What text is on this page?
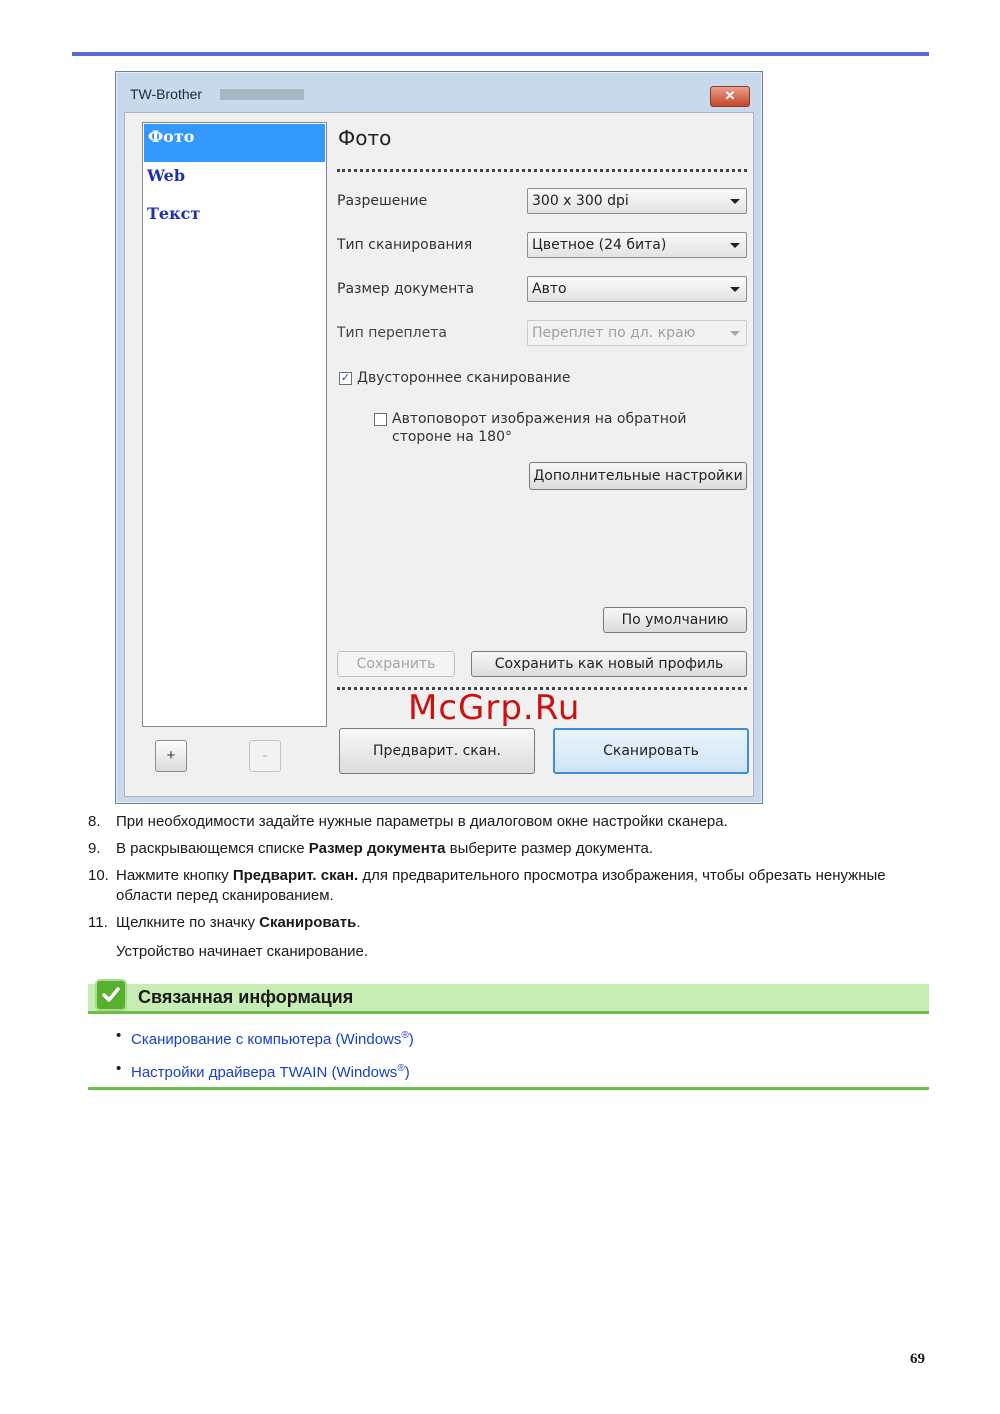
TW-Brother	✕
Фото
Web
Текст
+	-
Фото
Разрешение	300 x 300 dpi
Тип сканирования	Цветное (24 бита)
Размер документа	Авто
Тип переплета	Переплет по дл. краю
✓ Двустороннее сканирование
Автоповорот изображения на обратной
стороне на 180°
Дополнительные настройки
По умолчанию
Сохранить	Сохранить как новый профиль
Предварит. скан.	Сканировать
McGrp.Ru
8. При необходимости задайте нужные параметры в диалоговом окне настройки сканера.
9. В раскрывающемся списке Размер документа выберите размер документа.
10. Нажмите кнопку Предварит. скан. для предварительного просмотра изображения, чтобы обрезать ненужные области перед сканированием.
11. Щелкните по значку Сканировать.
Устройство начинает сканирование.
Связанная информация
• Сканирование с компьютера (Windows®)
• Настройки драйвера TWAIN (Windows®)
69
